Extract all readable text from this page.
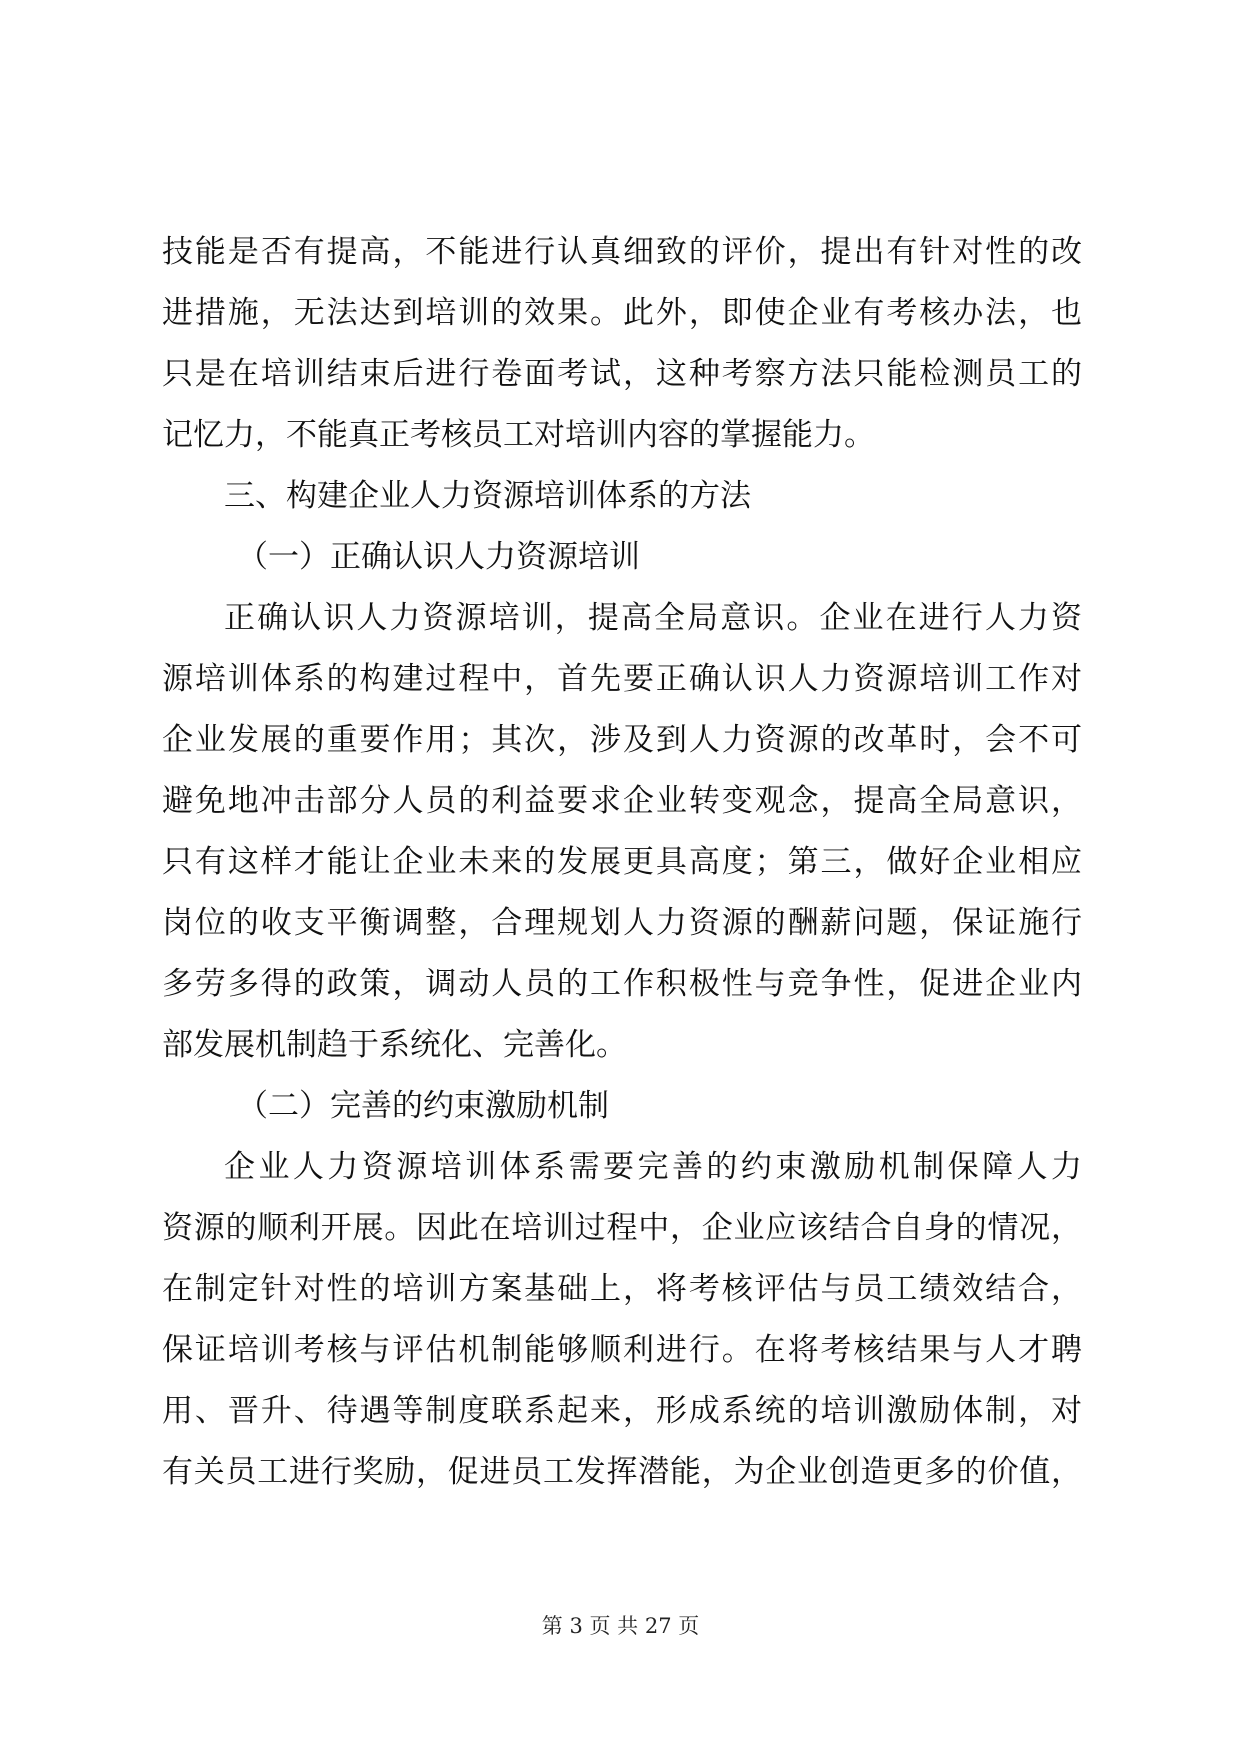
技能是否有提高，不能进行认真细致的评价，提出有针对性的改
进措施，无法达到培训的效果。此外，即使企业有考核办法，也
只是在培训结束后进行卷面考试，这种考察方法只能检测员工的
记忆力，不能真正考核员工对培训内容的掌握能力。
三、构建企业人力资源培训体系的方法
（一）正确认识人力资源培训
正确认识人力资源培训，提高全局意识。企业在进行人力资
源培训体系的构建过程中，首先要正确认识人力资源培训工作对
企业发展的重要作用；其次，涉及到人力资源的改革时，会不可
避免地冲击部分人员的利益要求企业转变观念，提高全局意识，
只有这样才能让企业未来的发展更具高度；第三，做好企业相应
岗位的收支平衡调整，合理规划人力资源的酬薪问题，保证施行
多劳多得的政策，调动人员的工作积极性与竞争性，促进企业内
部发展机制趋于系统化、完善化。
（二）完善的约束激励机制
企业人力资源培训体系需要完善的约束激励机制保障人力
资源的顺利开展。因此在培训过程中，企业应该结合自身的情况，
在制定针对性的培训方案基础上，将考核评估与员工绩效结合，
保证培训考核与评估机制能够顺利进行。在将考核结果与人才聘
用、晋升、待遇等制度联系起来，形成系统的培训激励体制，对
有关员工进行奖励，促进员工发挥潜能，为企业创造更多的价值，
第 3 页 共 27 页
